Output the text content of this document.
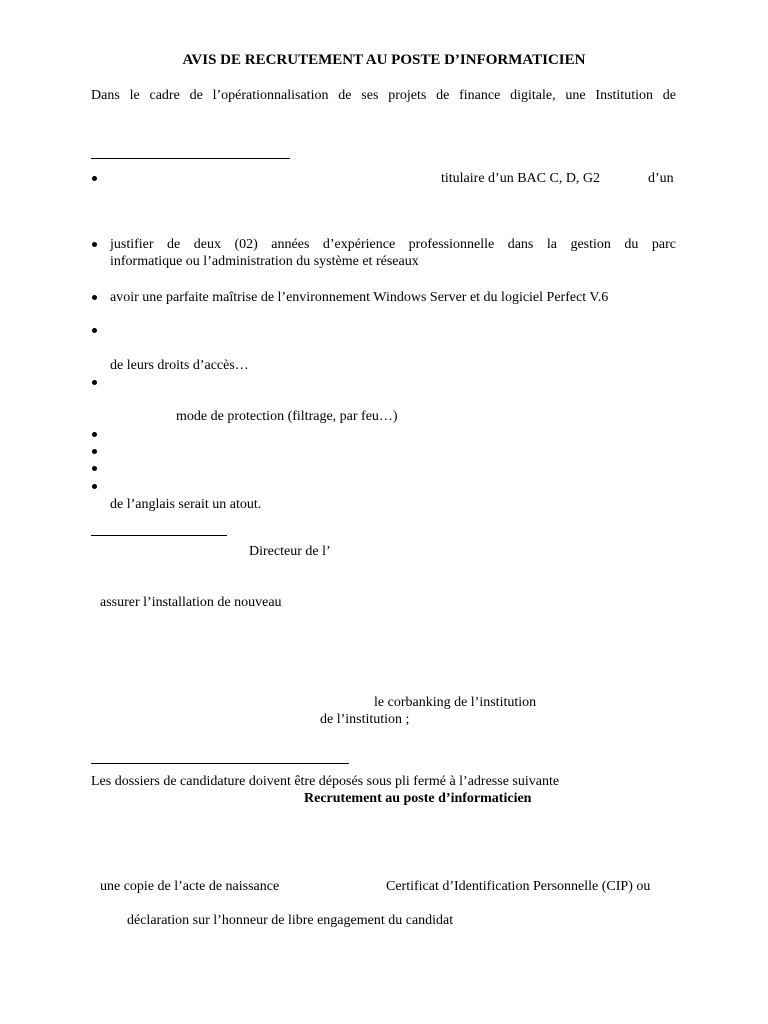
AVIS DE RECRUTEMENT AU POSTE D’INFORMATICIEN
Dans le cadre de l’opérationnalisation de ses projets de finance digitale, une Institution de
titulaire d’un BAC C, D, G2	d’un
justifier de deux (02) années d’expérience professionnelle dans la gestion du parc
informatique ou l’administration du système et réseaux
avoir une parfaite maîtrise de l’environnement Windows Server et du logiciel Perfect V.6
de leurs droits d’accès…
mode de protection (filtrage, par feu…)
de l’anglais serait un atout.
Directeur de l’
assurer l’installation de nouveau
le corbanking de l’institution
de l’institution ;
Les dossiers de candidature doivent être déposés sous pli fermé à l’adresse suivante
Recrutement au poste d’informaticien
une copie de l’acte de naissance	Certificat d’Identification Personnelle (CIP) ou
déclaration sur l’honneur de libre engagement du candidat
